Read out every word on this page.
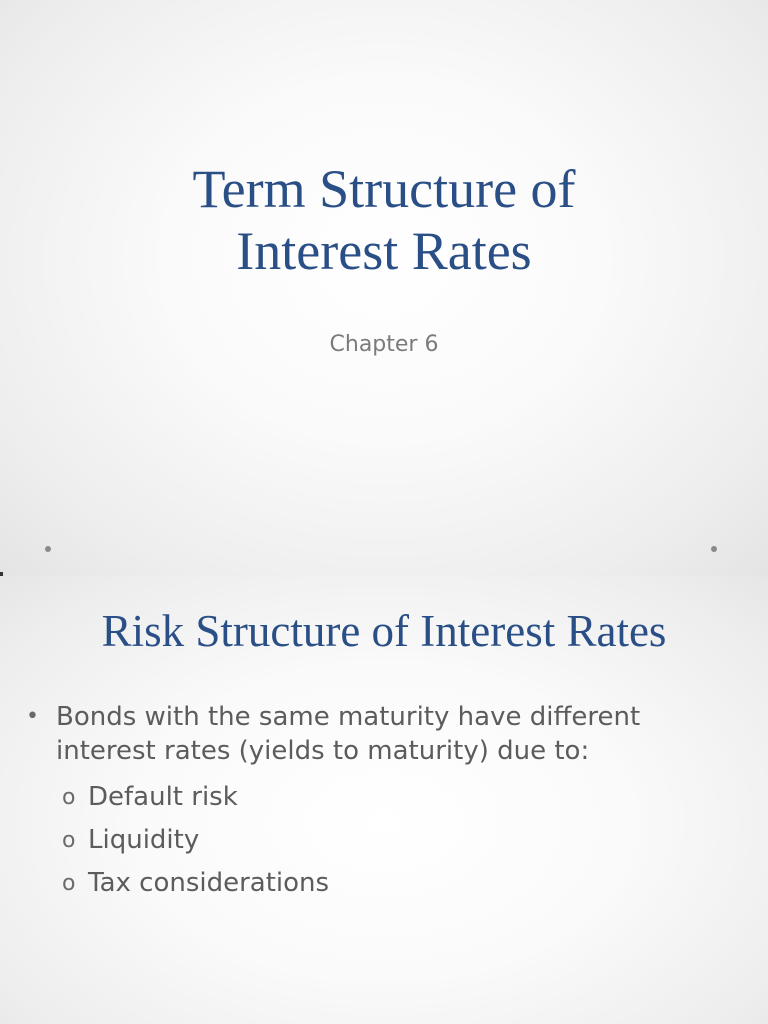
Term Structure of
Interest Rates
Chapter 6
Risk Structure of Interest Rates
• Bonds with the same maturity have different interest rates (yields to maturity) due to:
o Default risk
o Liquidity
o Tax considerations
